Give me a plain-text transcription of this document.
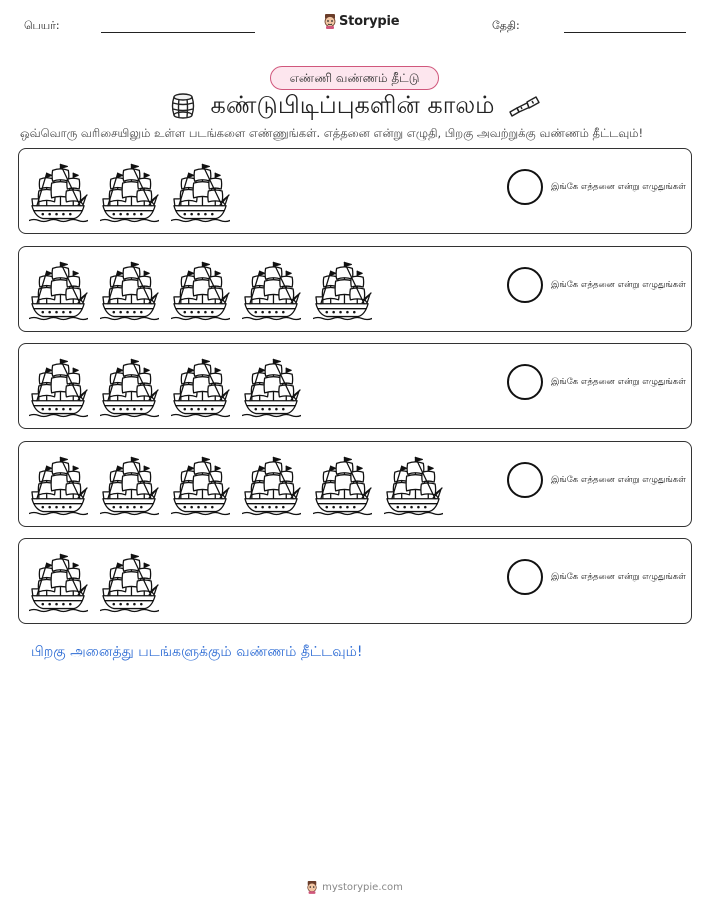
பெயர்:	Storypie	தேதி:
எண்ணி வண்ணம் தீட்டு
கண்டுபிடிப்புகளின் காலம்
ஒவ்வொரு வரிசையிலும் உள்ள படங்களை எண்ணுங்கள். எத்தனை என்று எழுதி, பிறகு அவற்றுக்கு வண்ணம் தீட்டவும்!
இங்கே எத்தனை என்று எழுதுங்கள்
இங்கே எத்தனை என்று எழுதுங்கள்
இங்கே எத்தனை என்று எழுதுங்கள்
இங்கே எத்தனை என்று எழுதுங்கள்
இங்கே எத்தனை என்று எழுதுங்கள்
பிறகு அனைத்து படங்களுக்கும் வண்ணம் தீட்டவும்!
mystorypie.com
